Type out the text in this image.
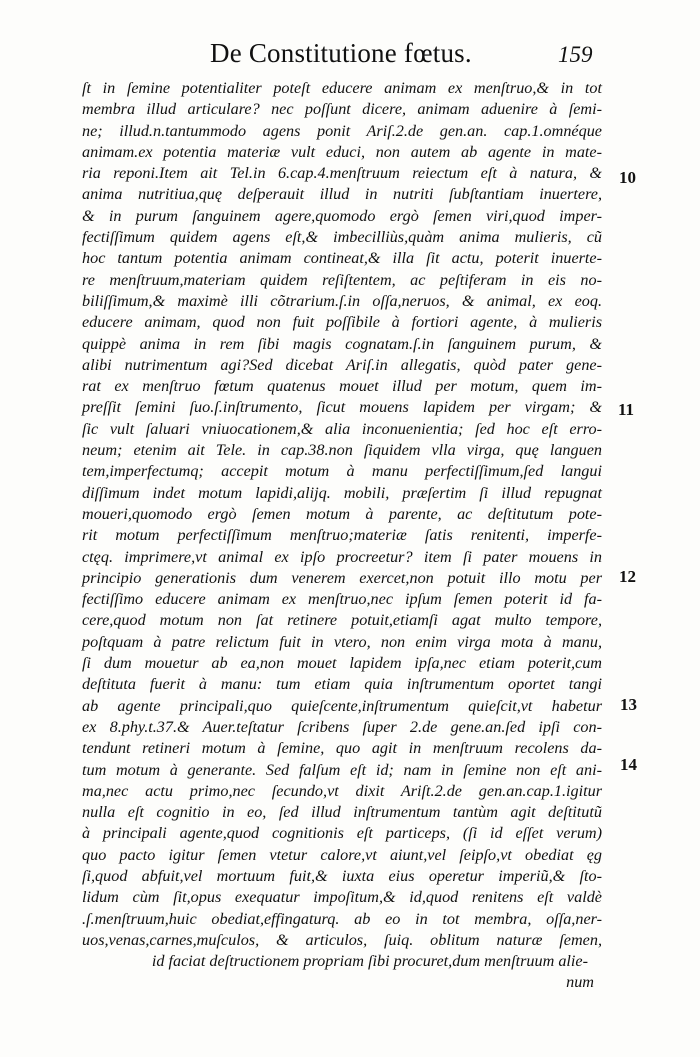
De Constitutione fœtus.	159
ſt in ſemine potentialiter poteſt educere animam ex menſtruo,& in tot
membra illud articulare? nec poſſunt dicere, animam aduenire à ſemi-
ne; illud.n.tantummodo agens ponit Ariſ.2.de gen.an. cap.1.omnéque
animam.ex potentia materiæ vult educi, non autem ab agente in mate-
ria reponi.Item ait Tel.in 6.cap.4.menſtruum reiectum eſt à natura, &
anima nutritiua,quę deſperauit illud in nutriti ſubſtantiam inuertere,
& in purum ſanguinem agere,quomodo ergò ſemen viri,quod imper-
fectiſſimum quidem agens eſt,& imbecilliùs,quàm anima mulieris, cũ
hoc tantum potentia animam contineat,& illa ſit actu, poterit inuerte-
re menſtruum,materiam quidem reſiſtentem, ac peſtiferam in eis no-
biliſſimum,& maximè illi cõtrarium.ſ.in oſſa,neruos, & animal, ex eoq.
educere animam, quod non fuit poſſibile à fortiori agente, à mulieris
quippè anima in rem ſibi magis cognatam.ſ.in ſanguinem purum, &
alibi nutrimentum agi?Sed dicebat Ariſ.in allegatis, quòd pater gene-
rat ex menſtruo fœtum quatenus mouet illud per motum, quem im-
preſſit ſemini ſuo.ſ.inſtrumento, ſicut mouens lapidem per virgam; &
ſic vult ſaluari vniuocationem,& alia inconuenientia; ſed hoc eſt erro-
neum; etenim ait Tele. in cap.38.non ſiquidem vlla virga, quę languen
tem,imperfectumq; accepit motum à manu perfectiſſimum,ſed langui
diſſimum indet motum lapidi,alijq. mobili, præſertim ſi illud repugnat
moueri,quomodo ergò ſemen motum à parente, ac deſtitutum pote-
rit motum perfectiſſimum menſtruo;materiæ ſatis renitenti, imperfe-
ctęq. imprimere,vt animal ex ipſo procreetur? item ſi pater mouens in
principio generationis dum venerem exercet,non potuit illo motu per
fectiſſimo educere animam ex menſtruo,nec ipſum ſemen poterit id fa-
cere,quod motum non ſat retinere potuit,etiamſi agat multo tempore,
poſtquam à patre relictum fuit in vtero, non enim virga mota à manu,
ſi dum mouetur ab ea,non mouet lapidem ipſa,nec etiam poterit,cum
deſtituta fuerit à manu: tum etiam quia inſtrumentum oportet tangi
ab agente principali,quo quieſcente,inſtrumentum quieſcit,vt habetur
ex 8.phy.t.37.& Auer.teſtatur ſcribens ſuper 2.de gene.an.ſed ipſi con-
tendunt retineri motum à ſemine, quo agit in menſtruum recolens da-
tum motum à generante. Sed falſum eſt id; nam in ſemine non eſt ani-
ma,nec actu primo,nec ſecundo,vt dixit Ariſt.2.de gen.an.cap.1.igitur
nulla eſt cognitio in eo, ſed illud inſtrumentum tantùm agit deſtitutũ
à principali agente,quod cognitionis eſt particeps, (ſi id eſſet verum)
quo pacto igitur ſemen vtetur calore,vt aiunt,vel ſeipſo,vt obediat ęg
ſi,quod abfuit,vel mortuum fuit,& iuxta eius operetur imperiũ,& ſto-
lidum cùm ſit,opus exequatur impoſitum,& id,quod renitens eſt valdè
.ſ.menſtruum,huic obediat,effingaturq. ab eo in tot membra, oſſa,ner-
uos,venas,carnes,muſculos, & articulos, ſuiq. oblitum naturæ ſemen,
id faciat deſtructionem propriam ſibi procuret,dum menſtruum alie-
num
10
11
12
13
14
